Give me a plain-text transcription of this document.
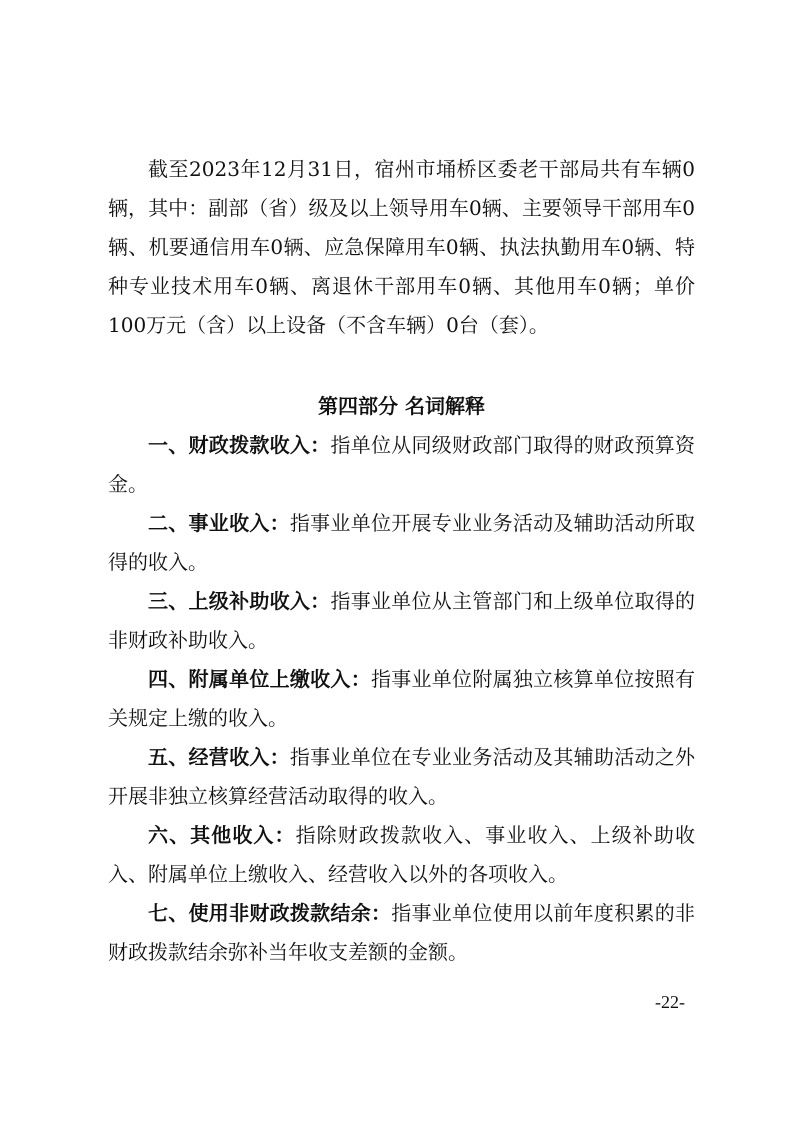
截至2023年12月31日，宿州市埇桥区委老干部局共有车辆0辆，其中：副部（省）级及以上领导用车0辆、主要领导干部用车0辆、机要通信用车0辆、应急保障用车0辆、执法执勤用车0辆、特种专业技术用车0辆、离退休干部用车0辆、其他用车0辆；单价100万元（含）以上设备（不含车辆）0台（套）。

第四部分 名词解释

一、财政拨款收入：指单位从同级财政部门取得的财政预算资金。

二、事业收入：指事业单位开展专业业务活动及辅助活动所取得的收入。

三、上级补助收入：指事业单位从主管部门和上级单位取得的非财政补助收入。

四、附属单位上缴收入：指事业单位附属独立核算单位按照有关规定上缴的收入。

五、经营收入：指事业单位在专业业务活动及其辅助活动之外开展非独立核算经营活动取得的收入。

六、其他收入：指除财政拨款收入、事业收入、上级补助收入、附属单位上缴收入、经营收入以外的各项收入。

七、使用非财政拨款结余：指事业单位使用以前年度积累的非财政拨款结余弥补当年收支差额的金额。

-22-
